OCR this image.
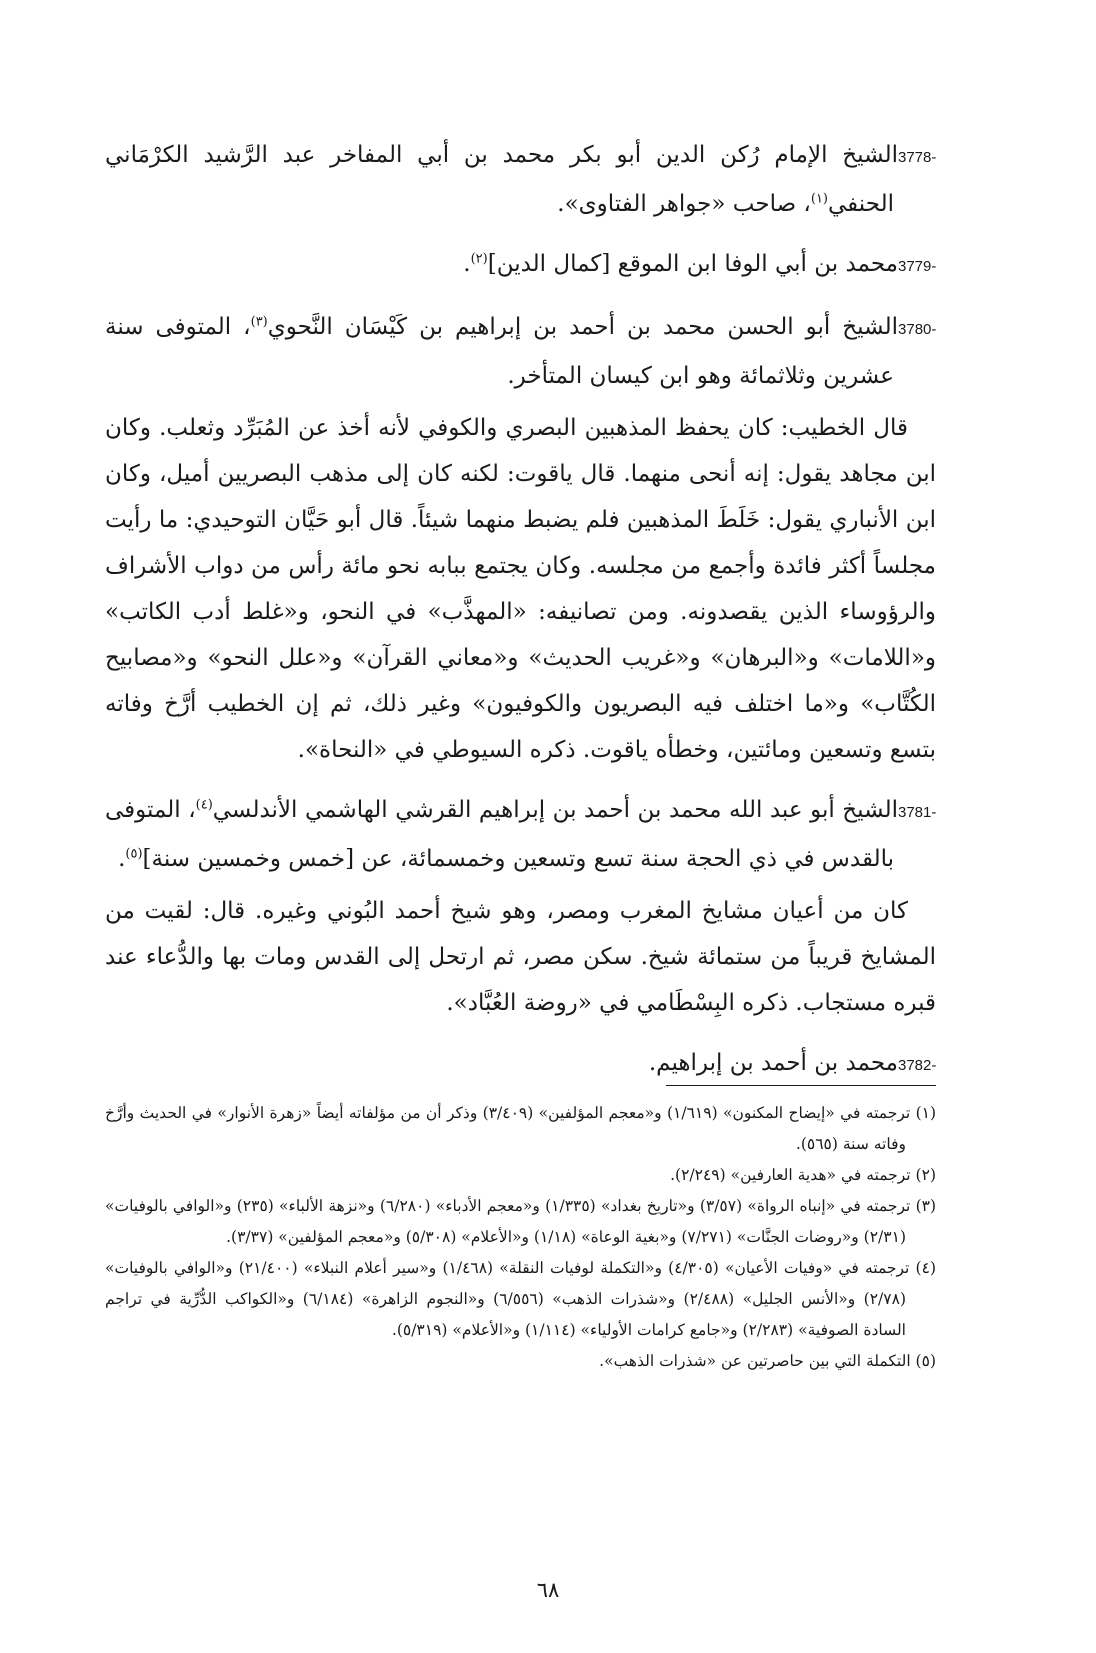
3778-الشيخ الإمام رُكن الدين أبو بكر محمد بن أبي المفاخر عبد الرَّشيد الكرْمَاني الحنفي$^{(١)}$، صاحب «جواهر الفتاوى».

3779-محمد بن أبي الوفا ابن الموقع [كمال الدين]$^{(٢)}$.

3780-الشيخ أبو الحسن محمد بن أحمد بن إبراهيم بن كَيْسَان النَّحوي$^{(٣)}$، المتوفى سنة عشرين وثلاثمائة وهو ابن كيسان المتأخر.

قال الخطيب: كان يحفظ المذهبين البصري والكوفي لأنه أخذ عن المُبَرِّد وثعلب. وكان ابن مجاهد يقول: إنه أنحى منهما. قال ياقوت: لكنه كان إلى مذهب البصريين أميل، وكان ابن الأنباري يقول: خَلَطَ المذهبين فلم يضبط منهما شيئاً. قال أبو حَيَّان التوحيدي: ما رأيت مجلساً أكثر فائدة وأجمع من مجلسه. وكان يجتمع ببابه نحو مائة رأس من دواب الأشراف والرؤوساء الذين يقصدونه. ومن تصانيفه: «المهذَّب» في النحو، و«غلط أدب الكاتب» و«اللامات» و«البرهان» و«غريب الحديث» و«معاني القرآن» و«علل النحو» و«مصابيح الكُتَّاب» و«ما اختلف فيه البصريون والكوفيون» وغير ذلك، ثم إن الخطيب أرَّخ وفاته بتسع وتسعين ومائتين، وخطأه ياقوت. ذكره السيوطي في «النحاة».

3781-الشيخ أبو عبد الله محمد بن أحمد بن إبراهيم القرشي الهاشمي الأندلسي$^{(٤)}$، المتوفى بالقدس في ذي الحجة سنة تسع وتسعين وخمسمائة، عن [خمس وخمسين سنة]$^{(٥)}$.

كان من أعيان مشايخ المغرب ومصر، وهو شيخ أحمد البُوني وغيره. قال: لقيت من المشايخ قريباً من ستمائة شيخ. سكن مصر، ثم ارتحل إلى القدس ومات بها والدُّعاء عند قبره مستجاب. ذكره البِسْطَامي في «روضة العُبَّاد».

3782-محمد بن أحمد بن إبراهيم.

(١) ترجمته في «إيضاح المكنون» (١/٦١٩) و«معجم المؤلفين» (٣/٤٠٩) وذكر أن من مؤلفاته أيضاً «زهرة الأنوار» في الحديث وأرَّخ وفاته سنة (٥٦٥).

(٢) ترجمته في «هدية العارفين» (٢/٢٤٩).

(٣) ترجمته في «إنباه الرواة» (٣/٥٧) و«تاريخ بغداد» (١/٣٣٥) و«معجم الأدباء» (٦/٢٨٠) و«نزهة الألباء» (٢٣٥) و«الوافي بالوفيات» (٢/٣١) و«روضات الجنَّات» (٧/٢٧١) و«بغية الوعاة» (١/١٨) و«الأعلام» (٥/٣٠٨) و«معجم المؤلفين» (٣/٣٧).

(٤) ترجمته في «وفيات الأعيان» (٤/٣٠٥) و«التكملة لوفيات النقلة» (١/٤٦٨) و«سير أعلام النبلاء» (٢١/٤٠٠) و«الوافي بالوفيات» (٢/٧٨) و«الأنس الجليل» (٢/٤٨٨) و«شذرات الذهب» (٦/٥٥٦) و«النجوم الزاهرة» (٦/١٨٤) و«الكواكب الدُّرِّية في تراجم السادة الصوفية» (٢/٢٨٣) و«جامع كرامات الأولياء» (١/١١٤) و«الأعلام» (٥/٣١٩).

(٥) التكملة التي بين حاصرتين عن «شذرات الذهب».

٦٨
